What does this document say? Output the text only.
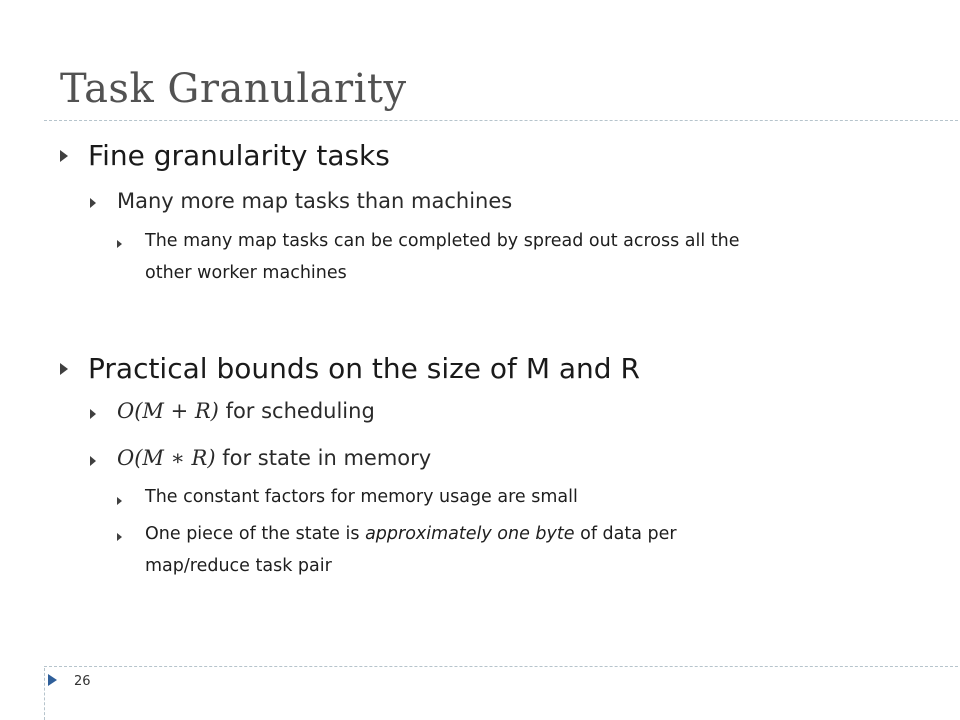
Task Granularity
Fine granularity tasks
Many more map tasks than machines
The many map tasks can be completed by spread out across all the
other worker machines
Practical bounds on the size of M and R
O(M + R) for scheduling
O(M ∗ R) for state in memory
The constant factors for memory usage are small
One piece of the state is approximately one byte of data per
map/reduce task pair
26
